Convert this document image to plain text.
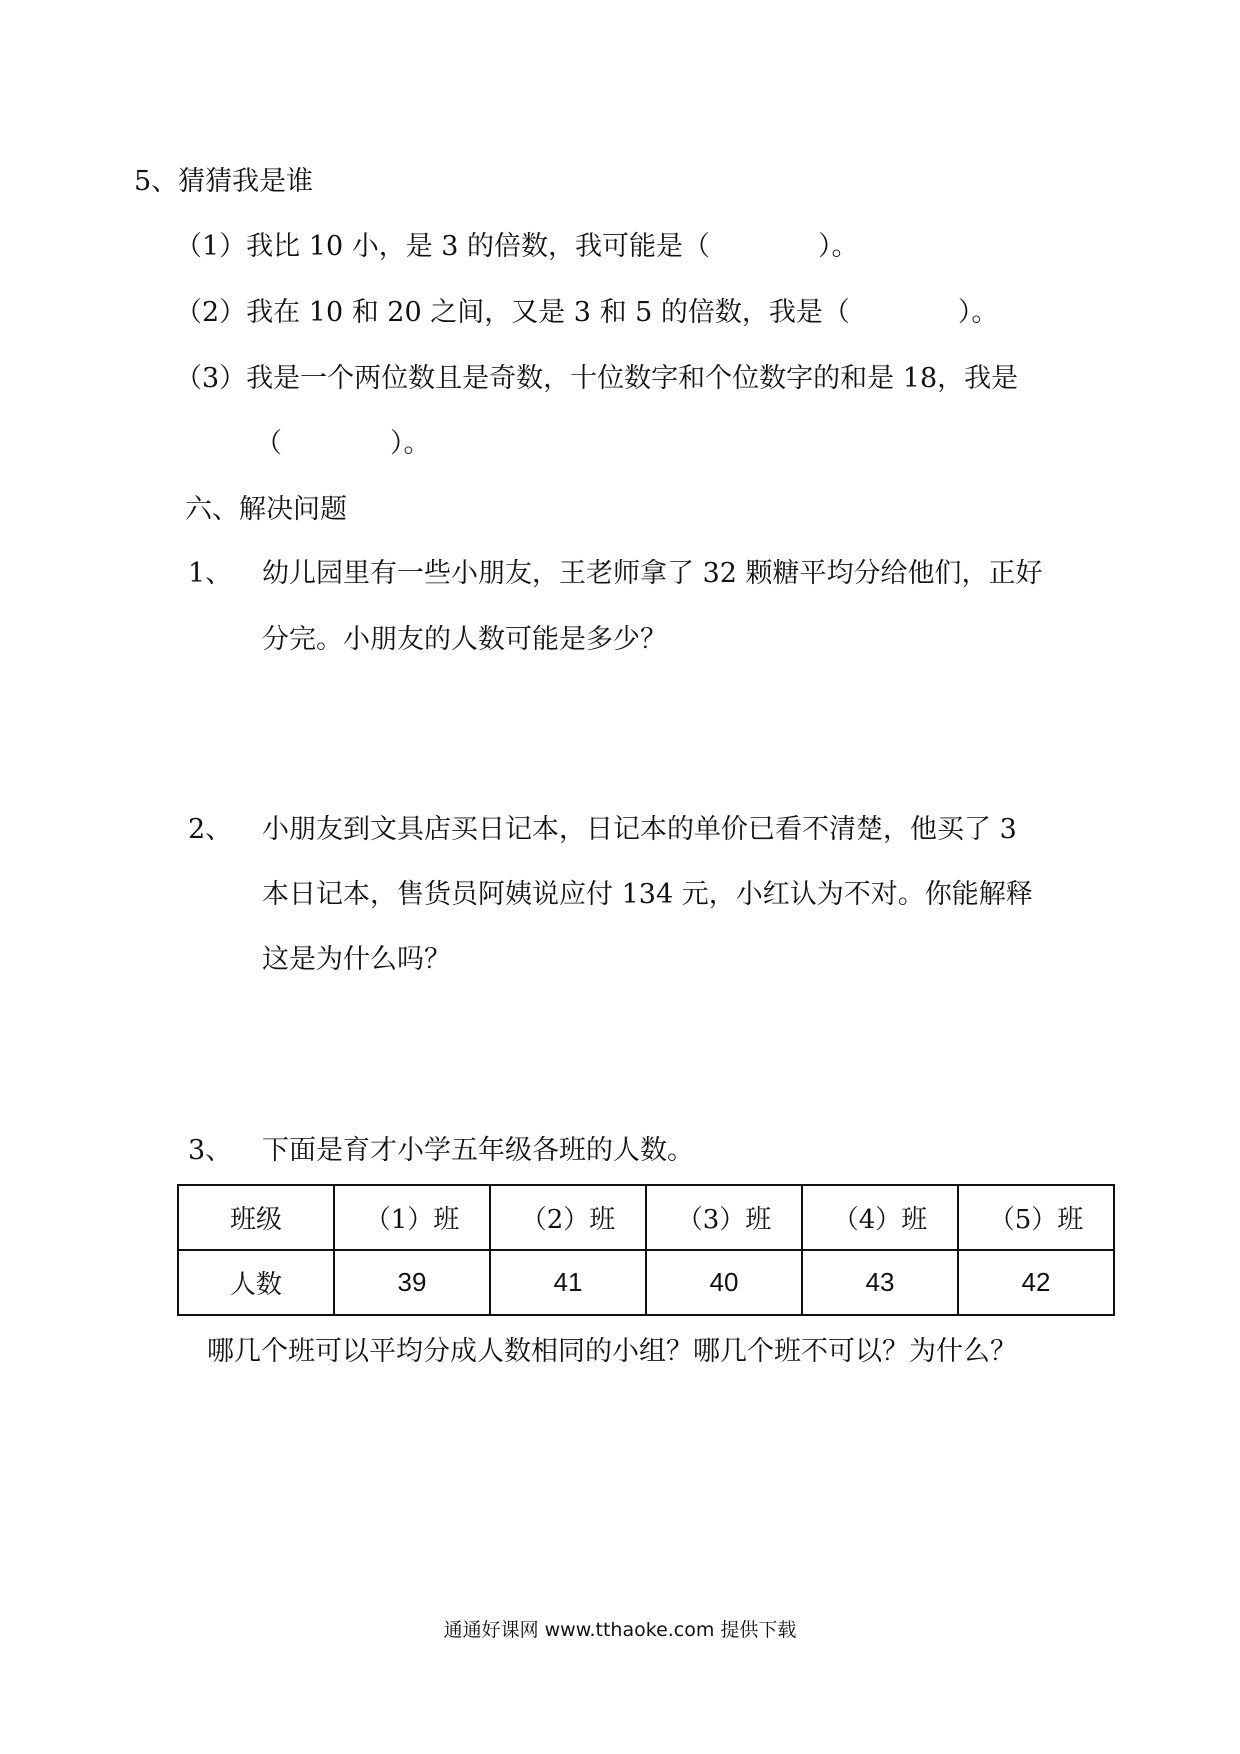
5、猜猜我是谁
（1）我比 10 小，是 3 的倍数，我可能是（　　　　）。
（2）我在 10 和 20 之间，又是 3 和 5 的倍数，我是（　　　　）。
（3）我是一个两位数且是奇数，十位数字和个位数字的和是 18，我是
（　　　　）。
六、解决问题
1、 幼儿园里有一些小朋友，王老师拿了 32 颗糖平均分给他们，正好
分完。小朋友的人数可能是多少？
2、 小朋友到文具店买日记本，日记本的单价已看不清楚，他买了 3
本日记本，售货员阿姨说应付 134 元，小红认为不对。你能解释
这是为什么吗？
3、 下面是育才小学五年级各班的人数。
班级	（1）班	（2）班	（3）班	（4）班	（5）班
人数	39	41	40	43	42
哪几个班可以平均分成人数相同的小组？哪几个班不可以？为什么？
通通好课网 www.tthaoke.com 提供下载
